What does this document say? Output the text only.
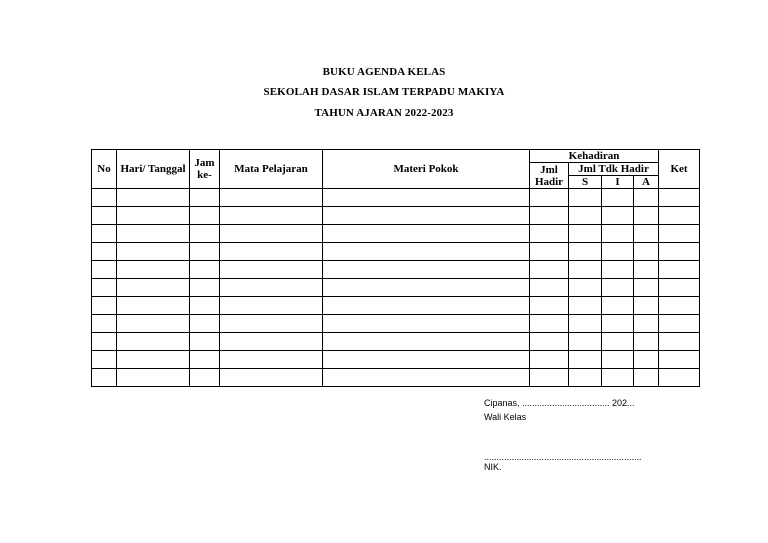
BUKU AGENDA KELAS
SEKOLAH DASAR ISLAM TERPADU MAKIYA
TAHUN AJARAN 2022-2023
No	Hari/ Tanggal	Jam ke-	Mata Pelajaran	Materi Pokok	Kehadiran				Ket
					Jml Hadir	Jml Tdk Hadir			
						S	I	A	

Cipanas, ................................... 202...
Wali Kelas
...............................................................
NIK.
